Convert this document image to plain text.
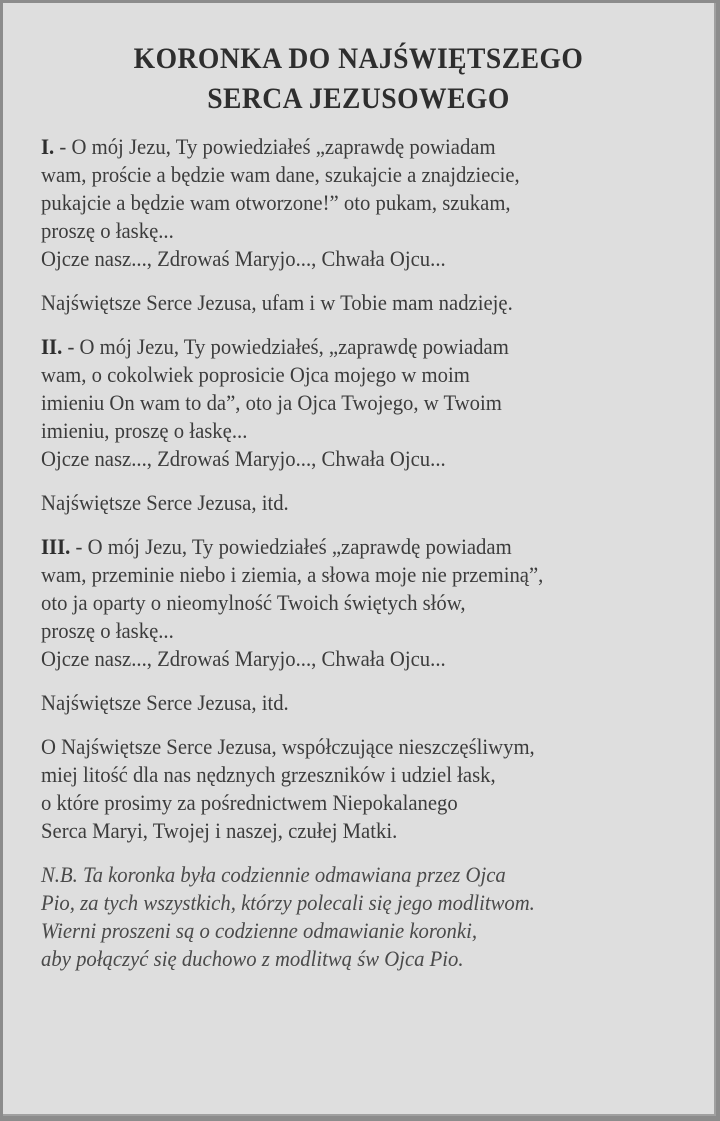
KORONKA DO NAJŚWIĘTSZEGO
SERCA JEZUSOWEGO
I. - O mój Jezu, Ty powiedziałeś „zaprawdę powiadam
wam, proście a będzie wam dane, szukajcie a znajdziecie,
pukajcie a będzie wam otworzone!” oto pukam, szukam,
proszę o łaskę...
Ojcze nasz..., Zdrowaś Maryjo..., Chwała Ojcu...
Najświętsze Serce Jezusa, ufam i w Tobie mam nadzieję.
II. - O mój Jezu, Ty powiedziałeś, „zaprawdę powiadam
wam, o cokolwiek poprosicie Ojca mojego w moim
imieniu On wam to da”, oto ja Ojca Twojego, w Twoim
imieniu, proszę o łaskę...
Ojcze nasz..., Zdrowaś Maryjo..., Chwała Ojcu...
Najświętsze Serce Jezusa, itd.
III. - O mój Jezu, Ty powiedziałeś „zaprawdę powiadam
wam, przeminie niebo i ziemia, a słowa moje nie przeminą”,
oto ja oparty o nieomylność Twoich świętych słów,
proszę o łaskę...
Ojcze nasz..., Zdrowaś Maryjo..., Chwała Ojcu...
Najświętsze Serce Jezusa, itd.
O Najświętsze Serce Jezusa, współczujące nieszczęśliwym,
miej litość dla nas nędznych grzeszników i udziel łask,
o które prosimy za pośrednictwem Niepokalanego
Serca Maryi, Twojej i naszej, czułej Matki.
N.B. Ta koronka była codziennie odmawiana przez Ojca
Pio, za tych wszystkich, którzy polecali się jego modlitwom.
Wierni proszeni są o codzienne odmawianie koronki,
aby połączyć się duchowo z modlitwą św Ojca Pio.
